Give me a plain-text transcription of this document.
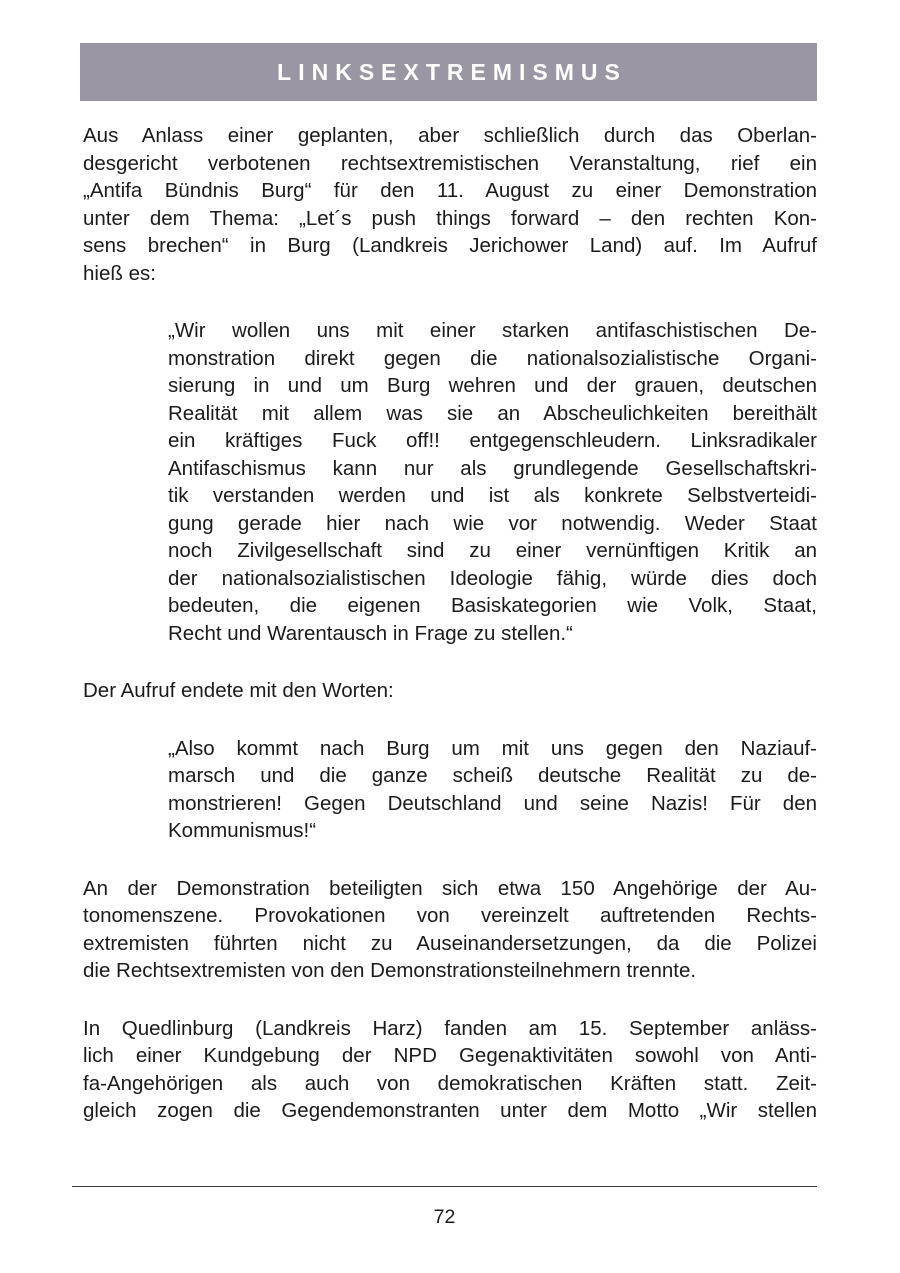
LINKSEXTREMISMUS
Aus Anlass einer geplanten, aber schließlich durch das Oberlan-
desgericht verbotenen rechtsextremistischen Veranstaltung, rief ein
„Antifa Bündnis Burg“ für den 11. August zu einer Demonstration
unter dem Thema: „Let´s push things forward – den rechten Kon-
sens brechen“ in Burg (Landkreis Jerichower Land) auf. Im Aufruf
hieß es:
„Wir wollen uns mit einer starken antifaschistischen De-
monstration direkt gegen die nationalsozialistische Organi-
sierung in und um Burg wehren und der grauen, deutschen
Realität mit allem was sie an Abscheulichkeiten bereithält
ein kräftiges Fuck off!! entgegenschleudern. Linksradikaler
Antifaschismus kann nur als grundlegende Gesellschaftskri-
tik verstanden werden und ist als konkrete Selbstverteidi-
gung gerade hier nach wie vor notwendig. Weder Staat
noch Zivilgesellschaft sind zu einer vernünftigen Kritik an
der nationalsozialistischen Ideologie fähig, würde dies doch
bedeuten, die eigenen Basiskategorien wie Volk, Staat,
Recht und Warentausch in Frage zu stellen.“
Der Aufruf endete mit den Worten:
„Also kommt nach Burg um mit uns gegen den Naziauf-
marsch und die ganze scheiß deutsche Realität zu de-
monstrieren! Gegen Deutschland und seine Nazis! Für den
Kommunismus!“
An der Demonstration beteiligten sich etwa 150 Angehörige der Au-
tonomenszene. Provokationen von vereinzelt auftretenden Rechts-
extremisten führten nicht zu Auseinandersetzungen, da die Polizei
die Rechtsextremisten von den Demonstrationsteilnehmern trennte.
In Quedlinburg (Landkreis Harz) fanden am 15. September anläss-
lich einer Kundgebung der NPD Gegenaktivitäten sowohl von Anti-
fa-Angehörigen als auch von demokratischen Kräften statt. Zeit-
gleich zogen die Gegendemonstranten unter dem Motto „Wir stellen
72
